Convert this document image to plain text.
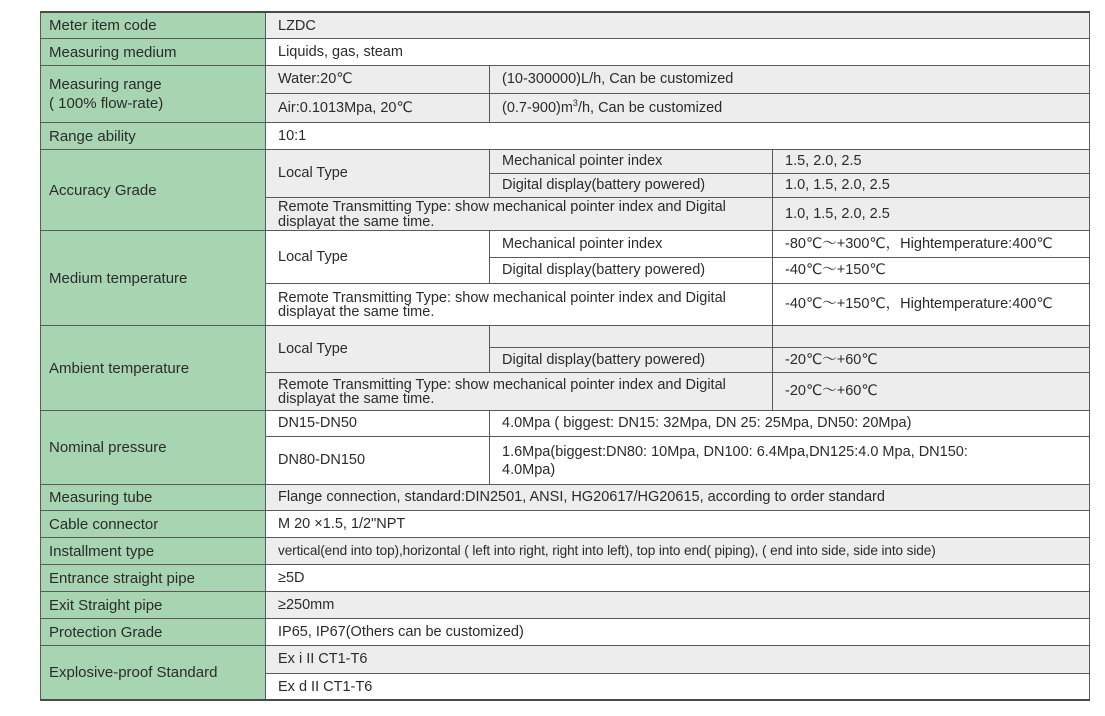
Meter item code	LZDC		
Measuring medium	Liquids, gas, steam		
Measuring range
( 100% flow-rate)	Water:20℃	(10-300000)L/h, Can be customized	
	Air:0.1013Mpa, 20℃	$(0.7-900)m^3/h$, Can be customized	
Range ability	10:1		
Accuracy Grade	Local Type	Mechanical pointer index	1.5, 2.0, 2.5
		Digital display(battery powered)	1.0, 1.5, 2.0, 2.5
	Remote Transmitting Type: show mechanical pointer index and Digital displayat the same time.		1.0, 1.5, 2.0, 2.5
Medium temperature	Local Type	Mechanical pointer index	-80℃～+300℃，Hightemperature:400℃
		Digital display(battery powered)	-40℃～+150℃
	Remote Transmitting Type: show mechanical pointer index and Digital displayat the same time.		-40℃～+150℃，Hightemperature:400℃
Ambient temperature	Local Type		
		Digital display(battery powered)	-20℃～+60℃
	Remote Transmitting Type: show mechanical pointer index and Digital displayat the same time.		-20℃～+60℃
Nominal pressure	DN15-DN50	4.0Mpa ( biggest: DN15: 32Mpa, DN 25: 25Mpa, DN50: 20Mpa)	
	DN80-DN150	1.6Mpa(biggest:DN80: 10Mpa, DN100: 6.4Mpa,DN125:4.0 Mpa, DN150: 4.0Mpa)	
Measuring tube	Flange connection, standard:DIN2501, ANSI, HG20617/HG20615, according to order standard		
Cable connector	M 20 ×1.5, 1/2"NPT		
Installment type	vertical(end into top),horizontal ( left into right, right into left), top into end( piping), ( end into side, side into side)		
Entrance straight pipe	≥5D		
Exit Straight pipe	≥250mm		
Protection Grade	IP65, IP67(Others can be customized)		
Explosive-proof Standard	Ex i II CT1-T6		
	Ex d II CT1-T6		
